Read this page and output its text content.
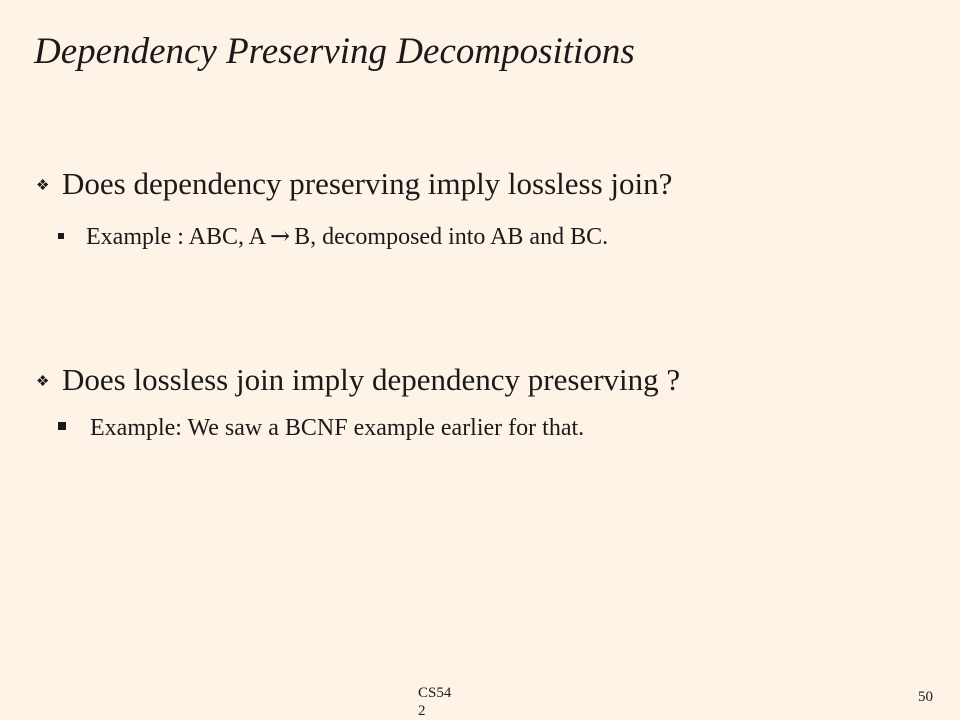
Dependency Preserving Decompositions
❖ Does dependency preserving imply lossless join?
Example : ABC, A → B, decomposed into AB and BC.
❖ Does lossless join imply dependency preserving ?
Example: We saw a BCNF example earlier for that.
CS54 2
50
